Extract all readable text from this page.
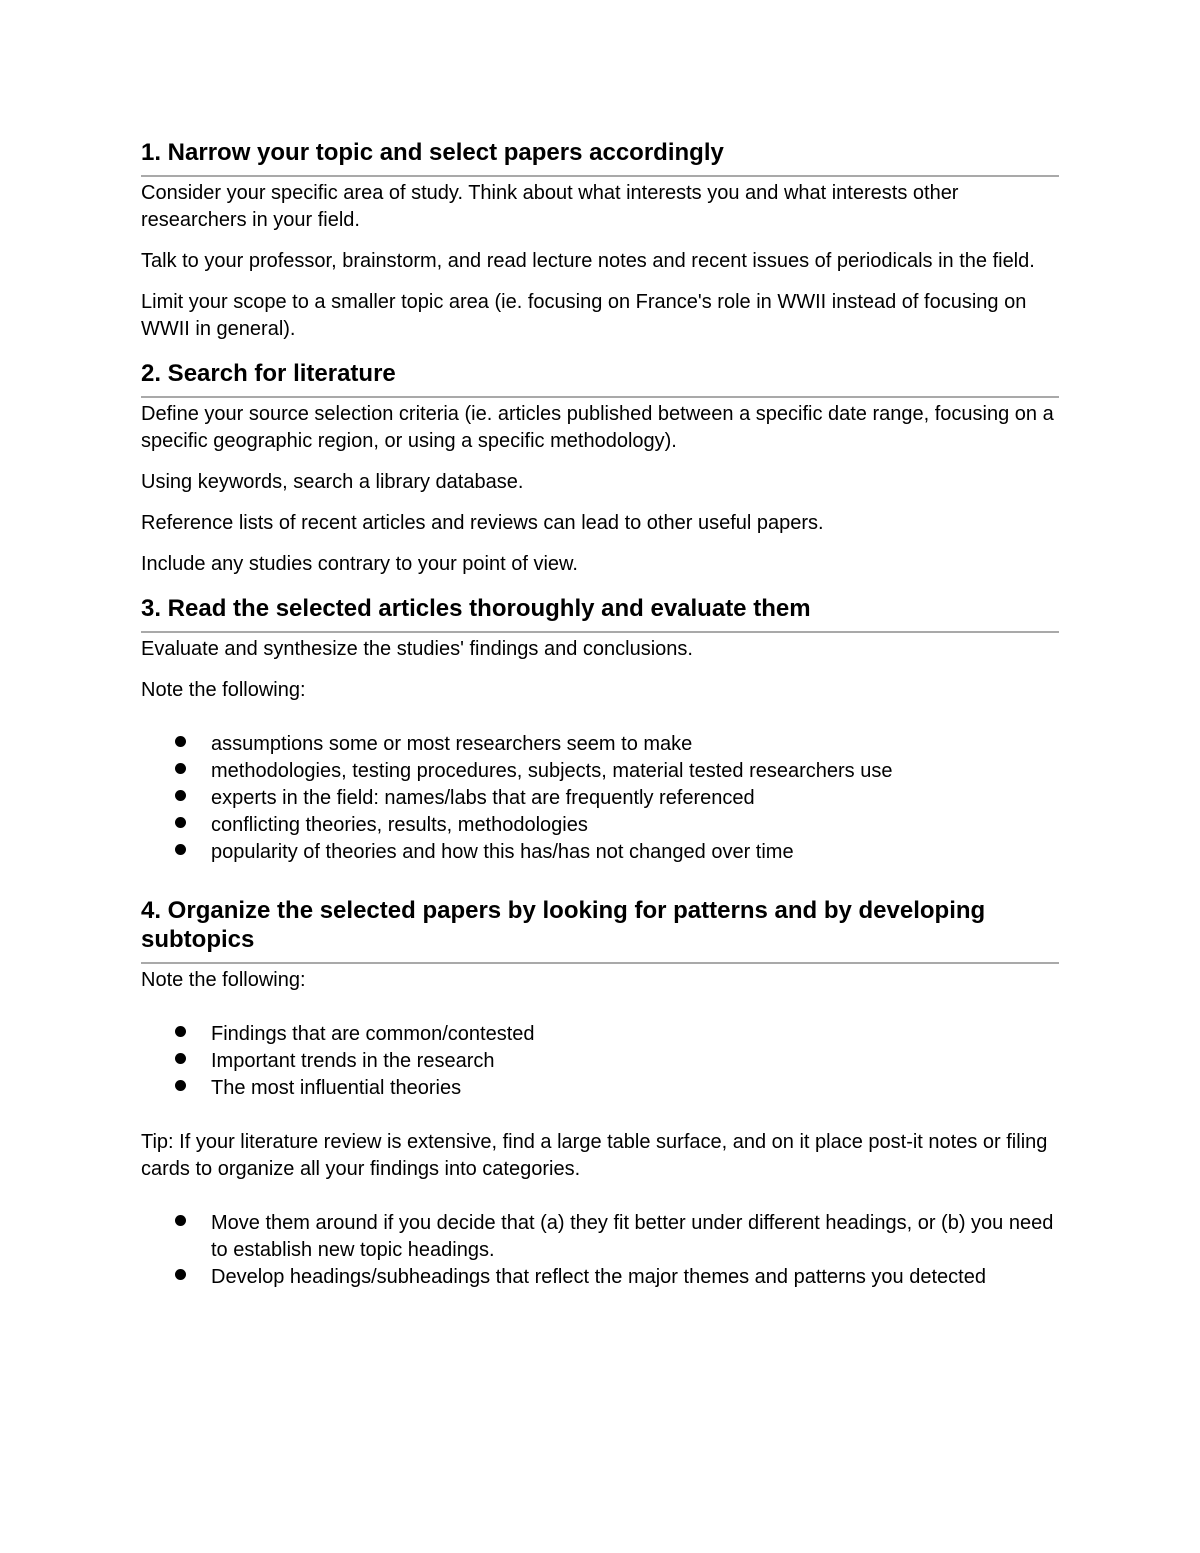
1. Narrow your topic and select papers accordingly

Consider your specific area of study. Think about what interests you and what interests other researchers in your field.

Talk to your professor, brainstorm, and read lecture notes and recent issues of periodicals in the field.

Limit your scope to a smaller topic area (ie. focusing on France's role in WWII instead of focusing on WWII in general).

2. Search for literature

Define your source selection criteria (ie. articles published between a specific date range, focusing on a specific geographic region, or using a specific methodology).

Using keywords, search a library database.

Reference lists of recent articles and reviews can lead to other useful papers.

Include any studies contrary to your point of view.

3. Read the selected articles thoroughly and evaluate them

Evaluate and synthesize the studies' findings and conclusions.

Note the following:

assumptions some or most researchers seem to make
methodologies, testing procedures, subjects, material tested researchers use
experts in the field: names/labs that are frequently referenced
conflicting theories, results, methodologies
popularity of theories and how this has/has not changed over time
4. Organize the selected papers by looking for patterns and by developing subtopics

Note the following:

Findings that are common/contested
Important trends in the research
The most influential theories

Tip: If your literature review is extensive, find a large table surface, and on it place post-it notes or filing cards to organize all your findings into categories.

Move them around if you decide that (a) they fit better under different headings, or (b) you need to establish new topic headings.
Develop headings/subheadings that reflect the major themes and patterns you detected
